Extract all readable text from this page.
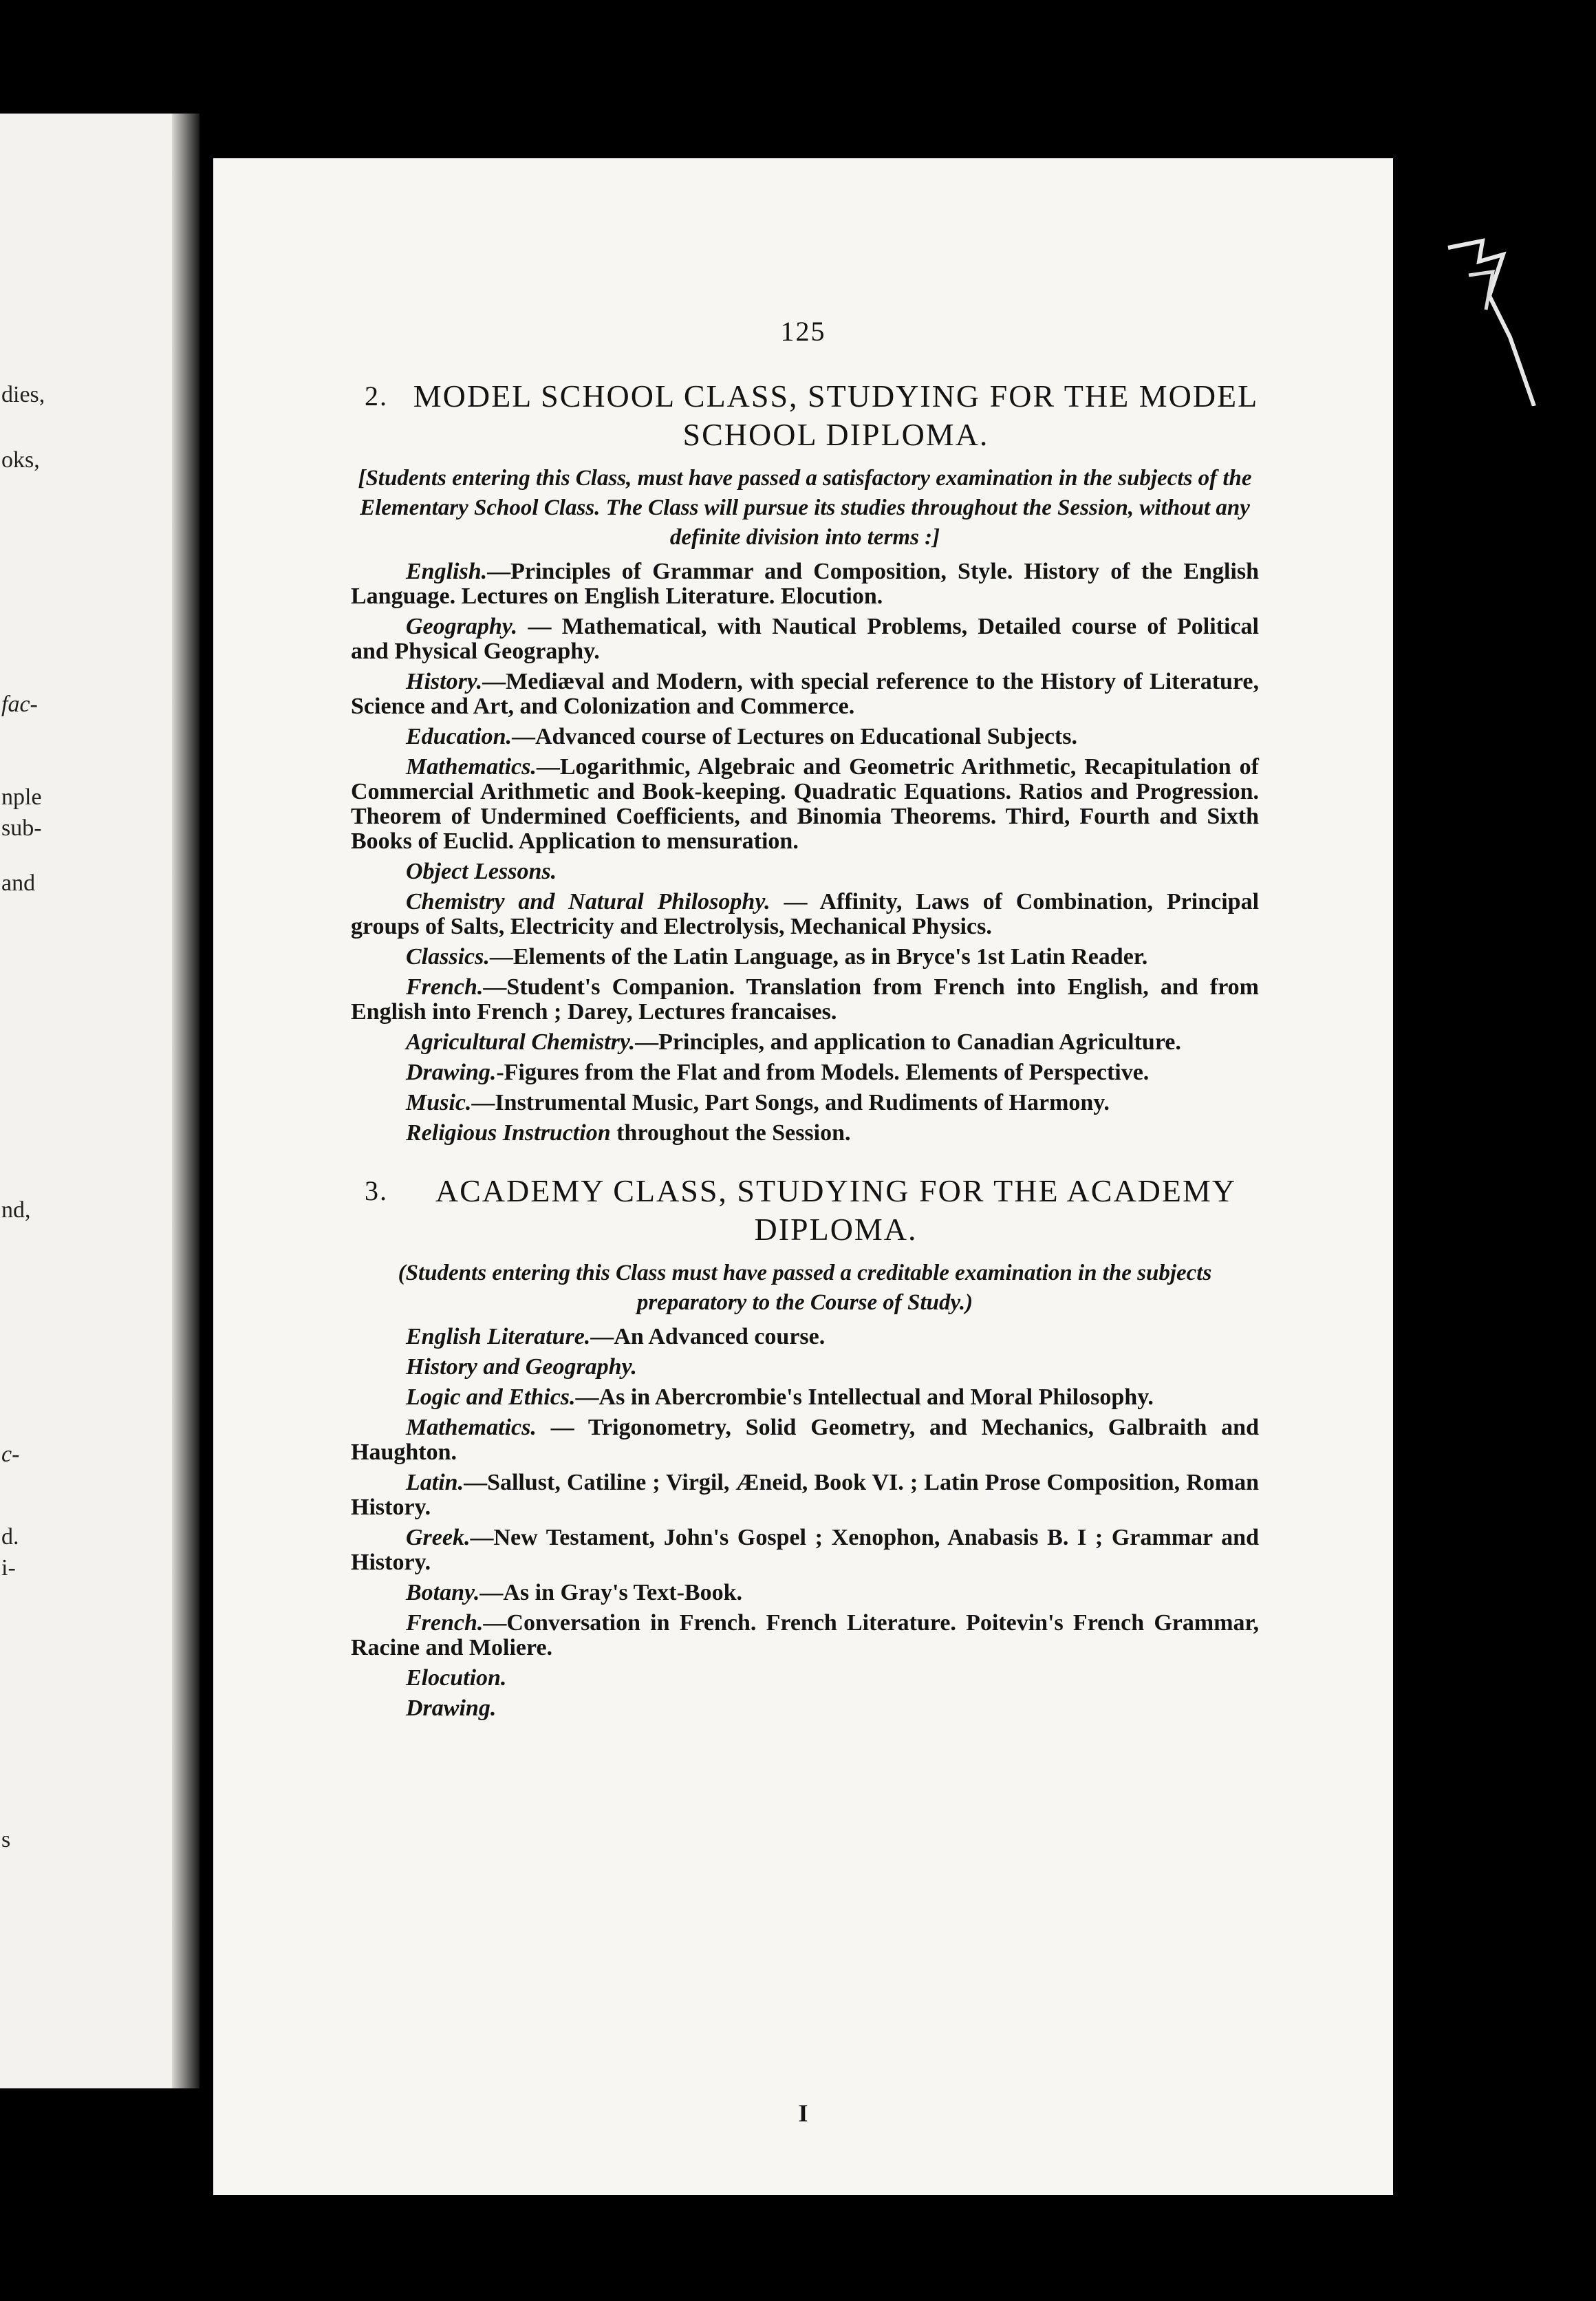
dies,
oks,
fac-
nple
sub-
and
nd,
c-
d.
i-
s
125
2. MODEL SCHOOL CLASS, STUDYING FOR THE MODEL SCHOOL DIPLOMA.
[Students entering this Class, must have passed a satisfactory examination in the subjects of the Elementary School Class. The Class will pursue its studies throughout the Session, without any definite division into terms :]

English.—Principles of Grammar and Composition, Style. History of the English Language. Lectures on English Literature. Elocution.

Geography. — Mathematical, with Nautical Problems, Detailed course of Political and Physical Geography.

History.—Mediæval and Modern, with special reference to the History of Literature, Science and Art, and Colonization and Commerce.

Education.—Advanced course of Lectures on Educational Subjects.

Mathematics.—Logarithmic, Algebraic and Geometric Arithmetic, Recapitulation of Commercial Arithmetic and Book-keeping. Quadratic Equations. Ratios and Progression. Theorem of Undermined Coefficients, and Binomia Theorems. Third, Fourth and Sixth Books of Euclid. Application to mensuration.

Object Lessons.

Chemistry and Natural Philosophy. — Affinity, Laws of Combination, Principal groups of Salts, Electricity and Electrolysis, Mechanical Physics.

Classics.—Elements of the Latin Language, as in Bryce's 1st Latin Reader.

French.—Student's Companion. Translation from French into English, and from English into French ; Darey, Lectures francaises.

Agricultural Chemistry.—Principles, and application to Canadian Agriculture.

Drawing.-Figures from the Flat and from Models. Elements of Perspective.

Music.—Instrumental Music, Part Songs, and Rudiments of Harmony.

Religious Instruction throughout the Session.

3.	ACADEMY CLASS, STUDYING FOR THE ACADEMY DIPLOMA.
(Students entering this Class must have passed a creditable examination in the subjects preparatory to the Course of Study.)

English Literature.—An Advanced course.

History and Geography.

Logic and Ethics.—As in Abercrombie's Intellectual and Moral Philosophy.

Mathematics. — Trigonometry, Solid Geometry, and Mechanics, Galbraith and Haughton.

Latin.—Sallust, Catiline ; Virgil, Æneid, Book VI. ; Latin Prose Composition, Roman History.

Greek.—New Testament, John's Gospel ; Xenophon, Anabasis B. I ; Grammar and History.

Botany.—As in Gray's Text-Book.

French.—Conversation in French. French Literature. Poitevin's French Grammar, Racine and Moliere.

Elocution.

Drawing.

I
